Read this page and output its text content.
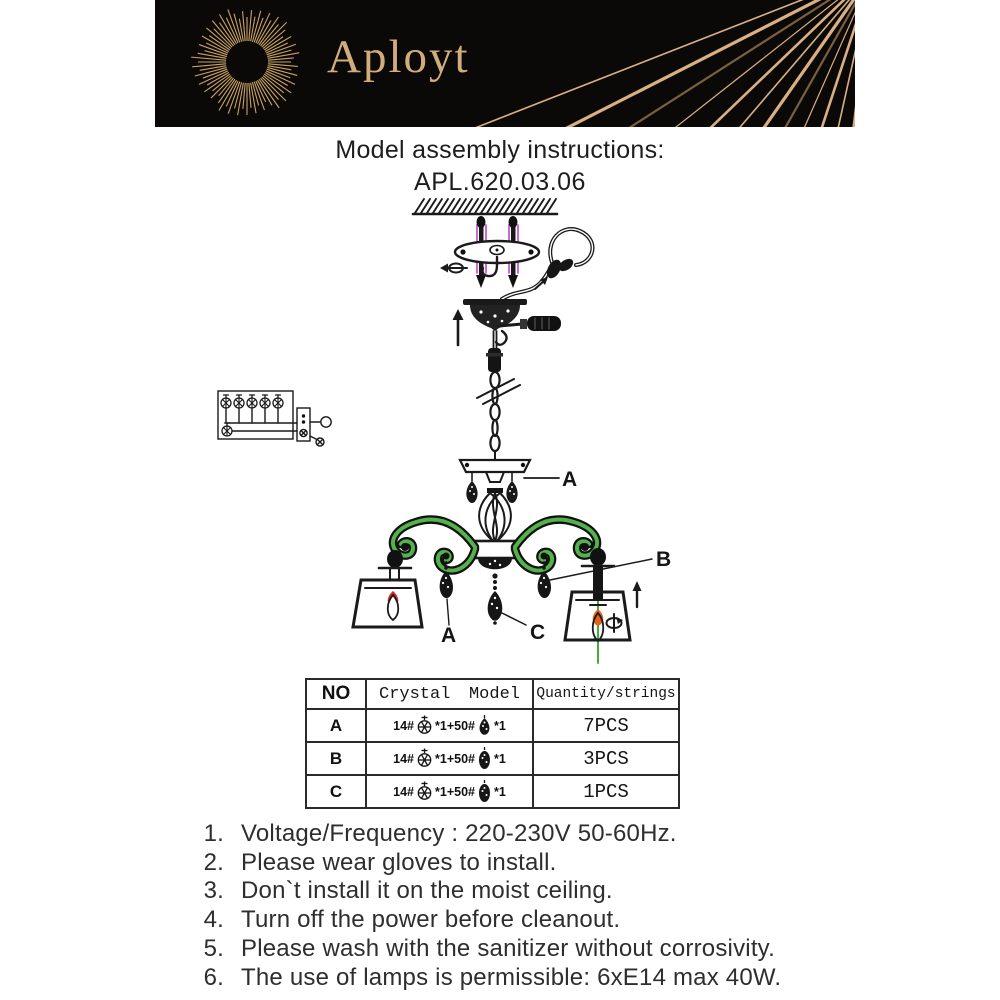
Aployt
Model assembly instructions:
APL.620.03.06
A
A	C
B
NO	Crystal Model	Quantity/strings
A	14# *1+50# *1	7PCS
B	14# *1+50# *1	3PCS
C	14# *1+50# *1	1PCS
1. Voltage/Frequency : 220-230V 50-60Hz.
2. Please wear gloves to install.
3. Don`t install it on the moist ceiling.
4. Turn off the power before cleanout.
5. Please wash with the sanitizer without corrosivity.
6. The use of lamps is permissible: 6xE14 max 40W.
